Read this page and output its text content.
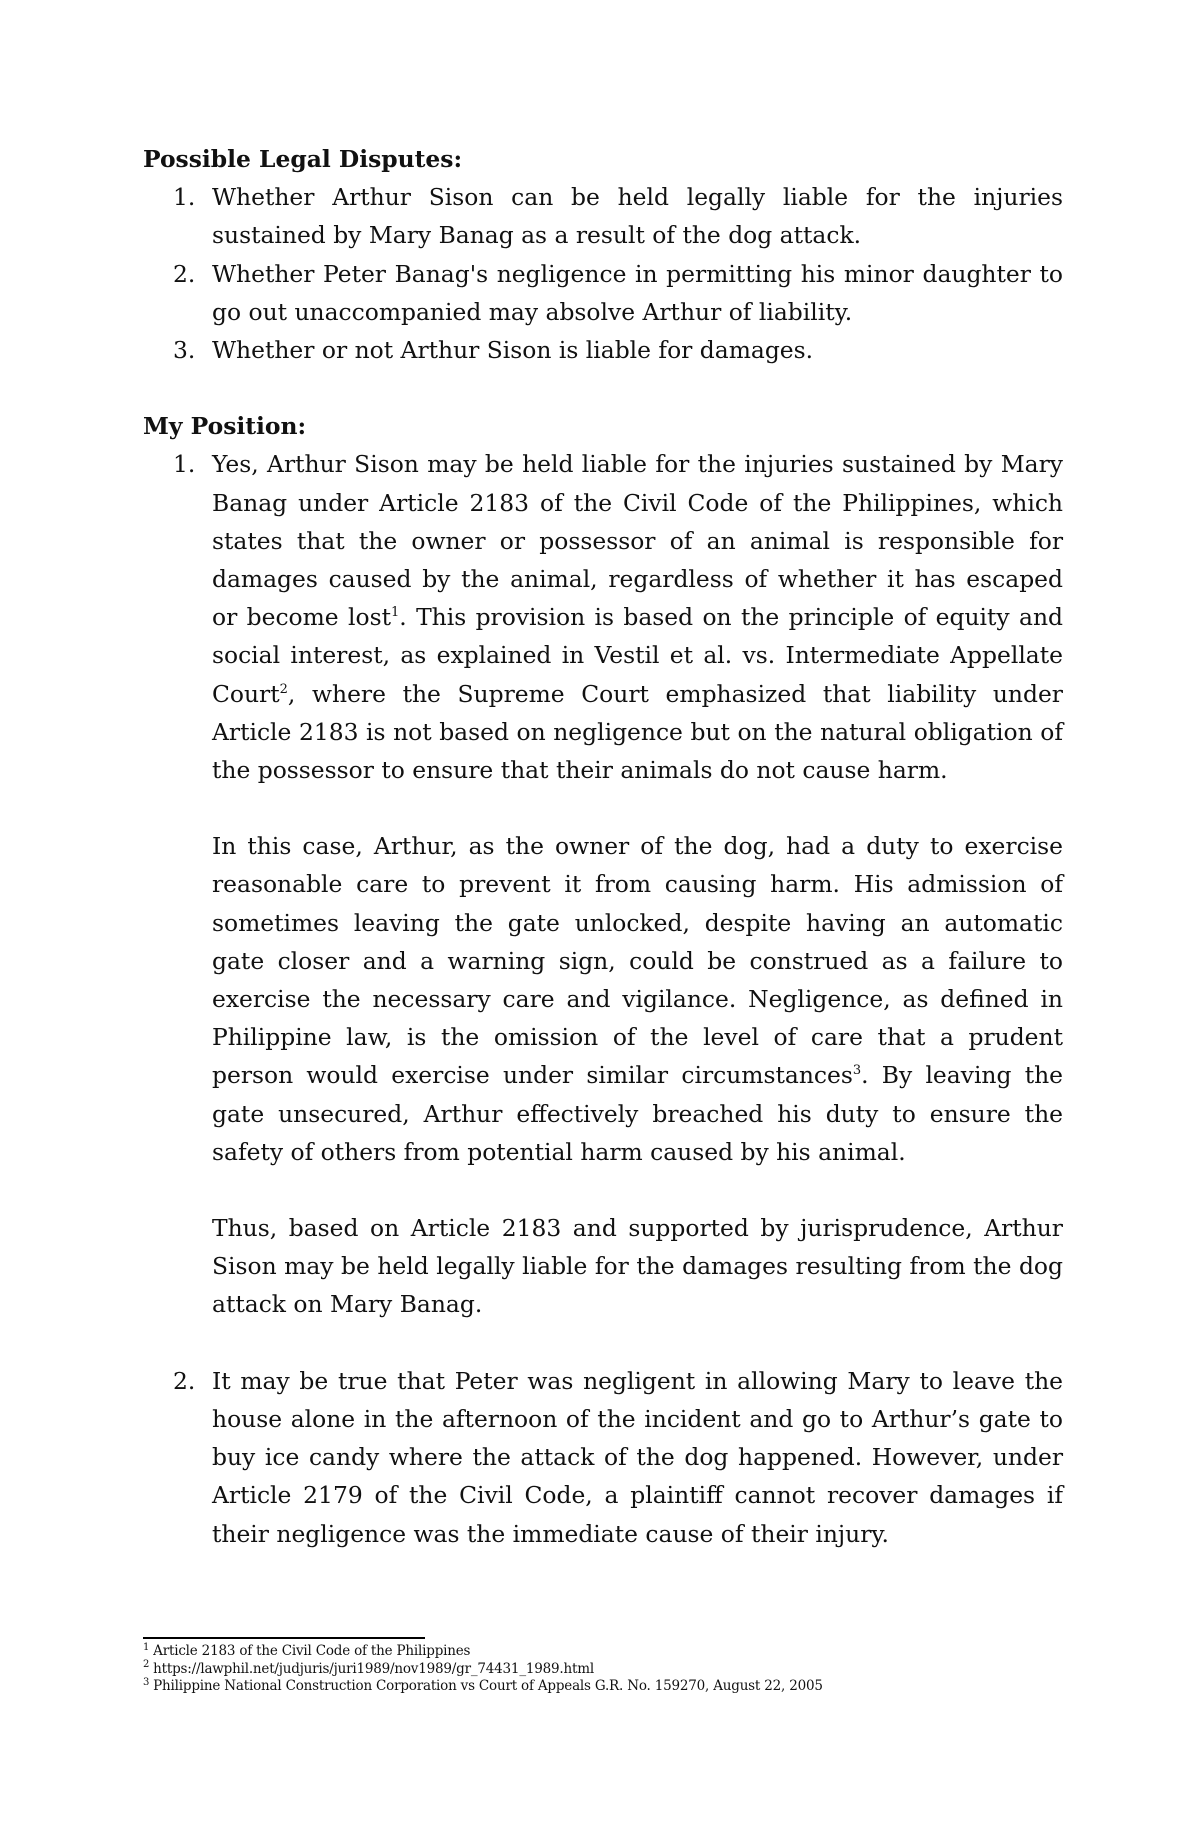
Possible Legal Disputes:

1. Whether Arthur Sison can be held legally liable for the injuries sustained by Mary Banag as a result of the dog attack.

2. Whether Peter Banag's negligence in permitting his minor daughter to go out unaccompanied may absolve Arthur of liability.

3. Whether or not Arthur Sison is liable for damages.

My Position:

1. Yes, Arthur Sison may be held liable for the injuries sustained by Mary Banag under Article 2183 of the Civil Code of the Philippines, which states that the owner or possessor of an animal is responsible for damages caused by the animal, regardless of whether it has escaped or become lost$^1$. This provision is based on the principle of equity and social interest, as explained in Vestil et al. vs. Intermediate Appellate Court$^2$, where the Supreme Court emphasized that liability under Article 2183 is not based on negligence but on the natural obligation of the possessor to ensure that their animals do not cause harm.

In this case, Arthur, as the owner of the dog, had a duty to exercise reasonable care to prevent it from causing harm. His admission of sometimes leaving the gate unlocked, despite having an automatic gate closer and a warning sign, could be construed as a failure to exercise the necessary care and vigilance. Negligence, as defined in Philippine law, is the omission of the level of care that a prudent person would exercise under similar circumstances$^3$. By leaving the gate unsecured, Arthur effectively breached his duty to ensure the safety of others from potential harm caused by his animal.

Thus, based on Article 2183 and supported by jurisprudence, Arthur Sison may be held legally liable for the damages resulting from the dog attack on Mary Banag.

2. It may be true that Peter was negligent in allowing Mary to leave the house alone in the afternoon of the incident and go to Arthur’s gate to buy ice candy where the attack of the dog happened. However, under Article 2179 of the Civil Code, a plaintiff cannot recover damages if their negligence was the immediate cause of their injury.

$^1$ Article 2183 of the Civil Code of the Philippines

$^2$ https://lawphil.net/judjuris/juri1989/nov1989/gr_74431_1989.html

$^3$ Philippine National Construction Corporation vs Court of Appeals G.R. No. 159270, August 22, 2005
